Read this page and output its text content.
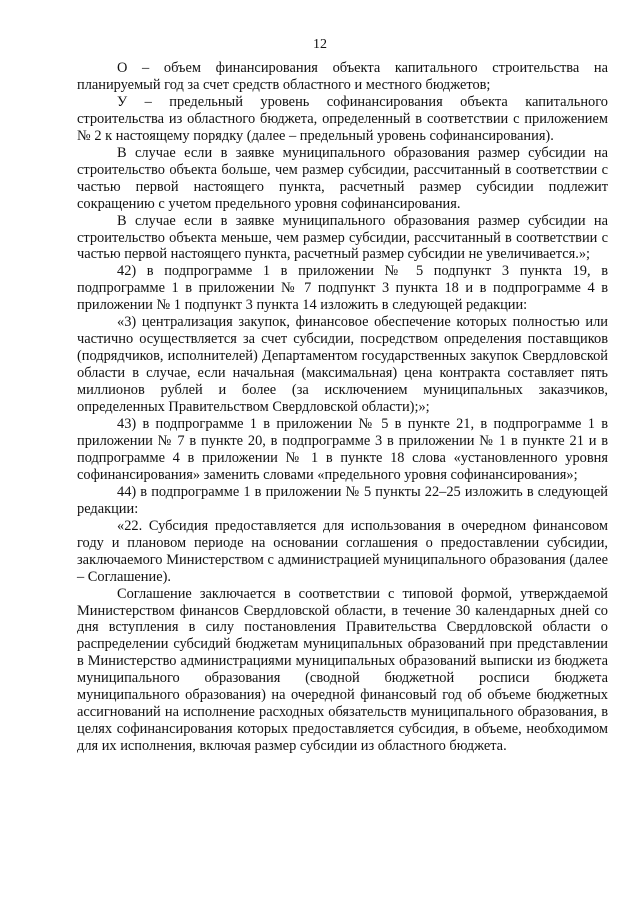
12

О – объем финансирования объекта капитального строительства на планируемый год за счет средств областного и местного бюджетов;

У – предельный уровень софинансирования объекта капитального строительства из областного бюджета, определенный в соответствии с приложением № 2 к настоящему порядку (далее – предельный уровень софинансирования).

В случае если в заявке муниципального образования размер субсидии на строительство объекта больше, чем размер субсидии, рассчитанный в соответствии с частью первой настоящего пункта, расчетный размер субсидии подлежит сокращению с учетом предельного уровня софинансирования.

В случае если в заявке муниципального образования размер субсидии на строительство объекта меньше, чем размер субсидии, рассчитанный в соответствии с частью первой настоящего пункта, расчетный размер субсидии не увеличивается.»;

42) в подпрограмме 1 в приложении № 5 подпункт 3 пункта 19, в подпрограмме 1 в приложении № 7 подпункт 3 пункта 18 и в подпрограмме 4 в приложении № 1 подпункт 3 пункта 14 изложить в следующей редакции:

«3) централизация закупок, финансовое обеспечение которых полностью или частично осуществляется за счет субсидии, посредством определения поставщиков (подрядчиков, исполнителей) Департаментом государственных закупок Свердловской области в случае, если начальная (максимальная) цена контракта составляет пять миллионов рублей и более (за исключением муниципальных заказчиков, определенных Правительством Свердловской области);»;

43) в подпрограмме 1 в приложении № 5 в пункте 21, в подпрограмме 1 в приложении № 7 в пункте 20, в подпрограмме 3 в приложении № 1 в пункте 21 и в подпрограмме 4 в приложении № 1 в пункте 18 слова «установленного уровня софинансирования» заменить словами «предельного уровня софинансирования»;

44) в подпрограмме 1 в приложении № 5 пункты 22–25 изложить в следующей редакции:

«22. Субсидия предоставляется для использования в очередном финансовом году и плановом периоде на основании соглашения о предоставлении субсидии, заключаемого Министерством с администрацией муниципального образования (далее – Соглашение).

Соглашение заключается в соответствии с типовой формой, утверждаемой Министерством финансов Свердловской области, в течение 30 календарных дней со дня вступления в силу постановления Правительства Свердловской области о распределении субсидий бюджетам муниципальных образований при представлении в Министерство администрациями муниципальных образований выписки из бюджета муниципального образования (сводной бюджетной росписи бюджета муниципального образования) на очередной финансовый год об объеме бюджетных ассигнований на исполнение расходных обязательств муниципального образования, в целях софинансирования которых предоставляется субсидия, в объеме, необходимом для их исполнения, включая размер субсидии из областного бюджета.
